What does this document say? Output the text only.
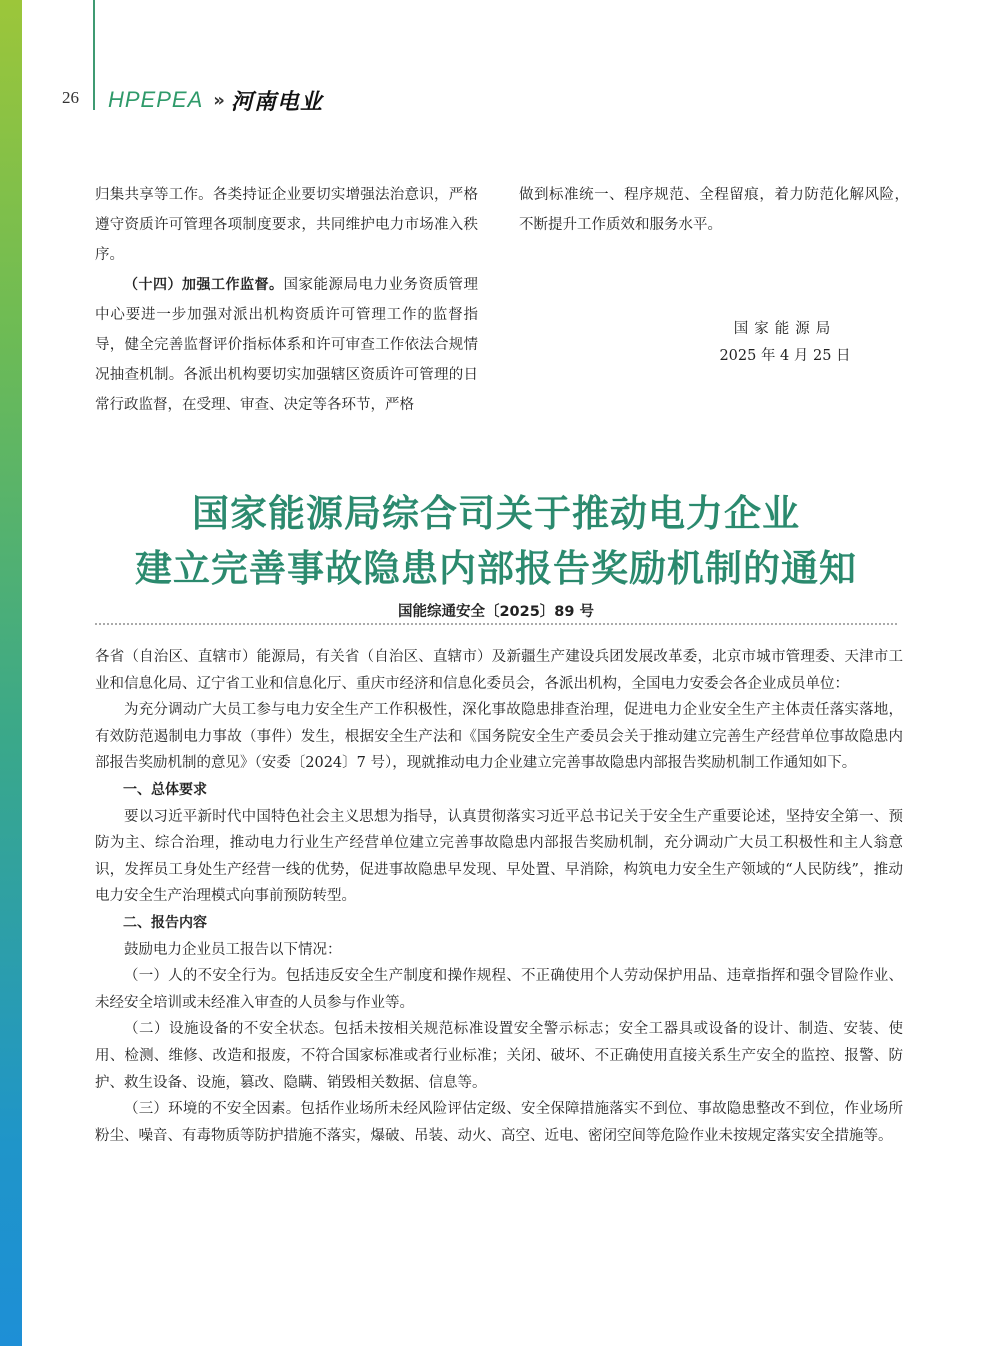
26	HPEPEA » 河南电业

归集共享等工作。各类持证企业要切实增强法治意识，严格遵守资质许可管理各项制度要求，共同维护电力市场准入秩序。

（十四）加强工作监督。国家能源局电力业务资质管理中心要进一步加强对派出机构资质许可管理工作的监督指导，健全完善监督评价指标体系和许可审查工作依法合规情况抽查机制。各派出机构要切实加强辖区资质许可管理的日常行政监督，在受理、审查、决定等各环节，严格

做到标准统一、程序规范、全程留痕，着力防范化解风险，不断提升工作质效和服务水平。

国家能源局
2025 年 4 月 25 日
国家能源局综合司关于推动电力企业
建立完善事故隐患内部报告奖励机制的通知
国能综通安全〔2025〕89 号

各省（自治区、直辖市）能源局，有关省（自治区、直辖市）及新疆生产建设兵团发展改革委，北京市城市管理委、天津市工业和信息化局、辽宁省工业和信息化厅、重庆市经济和信息化委员会，各派出机构，全国电力安委会各企业成员单位：

为充分调动广大员工参与电力安全生产工作积极性，深化事故隐患排查治理，促进电力企业安全生产主体责任落实落地，有效防范遏制电力事故（事件）发生，根据安全生产法和《国务院安全生产委员会关于推动建立完善生产经营单位事故隐患内部报告奖励机制的意见》（安委〔2024〕7 号），现就推动电力企业建立完善事故隐患内部报告奖励机制工作通知如下。

一、总体要求

要以习近平新时代中国特色社会主义思想为指导，认真贯彻落实习近平总书记关于安全生产重要论述，坚持安全第一、预防为主、综合治理，推动电力行业生产经营单位建立完善事故隐患内部报告奖励机制，充分调动广大员工积极性和主人翁意识，发挥员工身处生产经营一线的优势，促进事故隐患早发现、早处置、早消除，构筑电力安全生产领域的“人民防线”，推动电力安全生产治理模式向事前预防转型。

二、报告内容

鼓励电力企业员工报告以下情况：

（一）人的不安全行为。包括违反安全生产制度和操作规程、不正确使用个人劳动保护用品、违章指挥和强令冒险作业、未经安全培训或未经准入审查的人员参与作业等。

（二）设施设备的不安全状态。包括未按相关规范标准设置安全警示标志；安全工器具或设备的设计、制造、安装、使用、检测、维修、改造和报废，不符合国家标准或者行业标准；关闭、破坏、不正确使用直接关系生产安全的监控、报警、防护、救生设备、设施，篡改、隐瞒、销毁相关数据、信息等。

（三）环境的不安全因素。包括作业场所未经风险评估定级、安全保障措施落实不到位、事故隐患整改不到位，作业场所粉尘、噪音、有毒物质等防护措施不落实，爆破、吊装、动火、高空、近电、密闭空间等危险作业未按规定落实安全措施等。
